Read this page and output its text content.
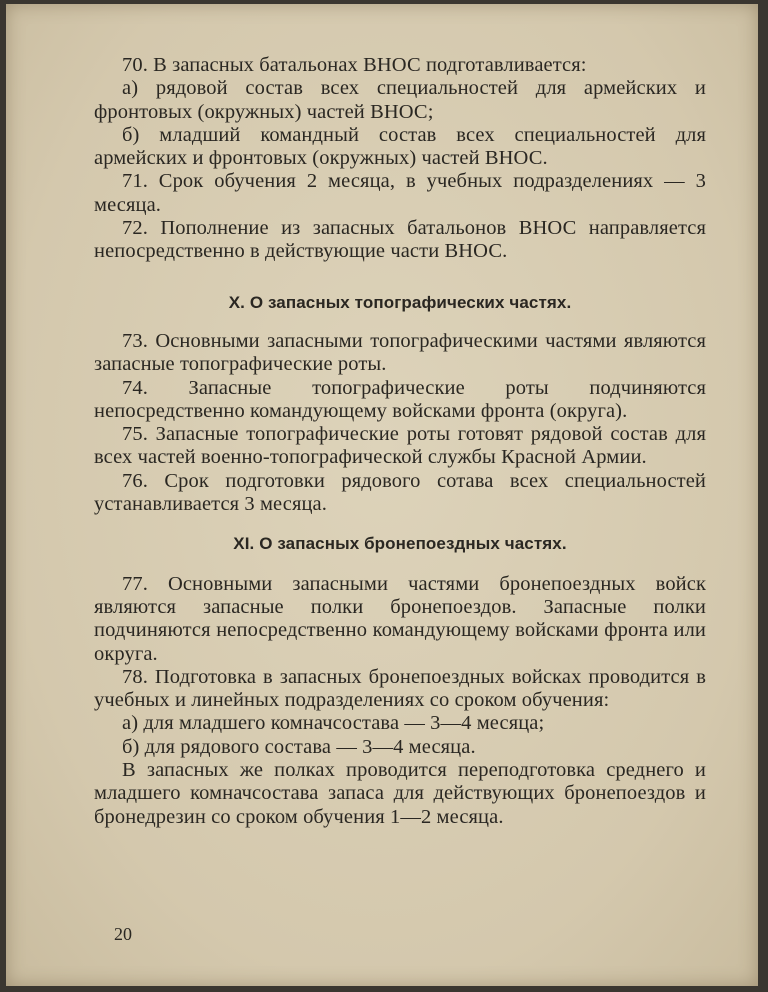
70. В запасных батальонах ВНОС подготавливается:

а) рядовой состав всех специальностей для армейских и фронтовых (окружных) частей ВНОС;

б) младший командный состав всех специальностей для армейских и фронтовых (окружных) частей ВНОС.

71. Срок обучения 2 месяца, в учебных подразделениях — 3 месяца.

72. Пополнение из запасных батальонов ВНОС направляется непосредственно в действующие части ВНОС.

X. О запасных топографических частях.

73. Основными запасными топографическими частями являются запасные топографические роты.

74. Запасные топографические роты подчиняются непосредственно командующему войсками фронта (округа).

75. Запасные топографические роты готовят рядовой состав для всех частей военно-топографической службы Красной Армии.

76. Срок подготовки рядового сотава всех специальностей устанавливается 3 месяца.

XI. О запасных бронепоездных частях.

77. Основными запасными частями бронепоездных войск являются запасные полки бронепоездов. Запасные полки подчиняются непосредственно командующему войсками фронта или округа.

78. Подготовка в запасных бронепоездных войсках проводится в учебных и линейных подразделениях со сроком обучения:

а) для младшего комначсостава — 3—4 месяца;

б) для рядового состава — 3—4 месяца.

В запасных же полках проводится переподготовка среднего и младшего комначсостава запаса для действующих бронепоездов и бронедрезин со сроком обучения 1—2 месяца.

20
